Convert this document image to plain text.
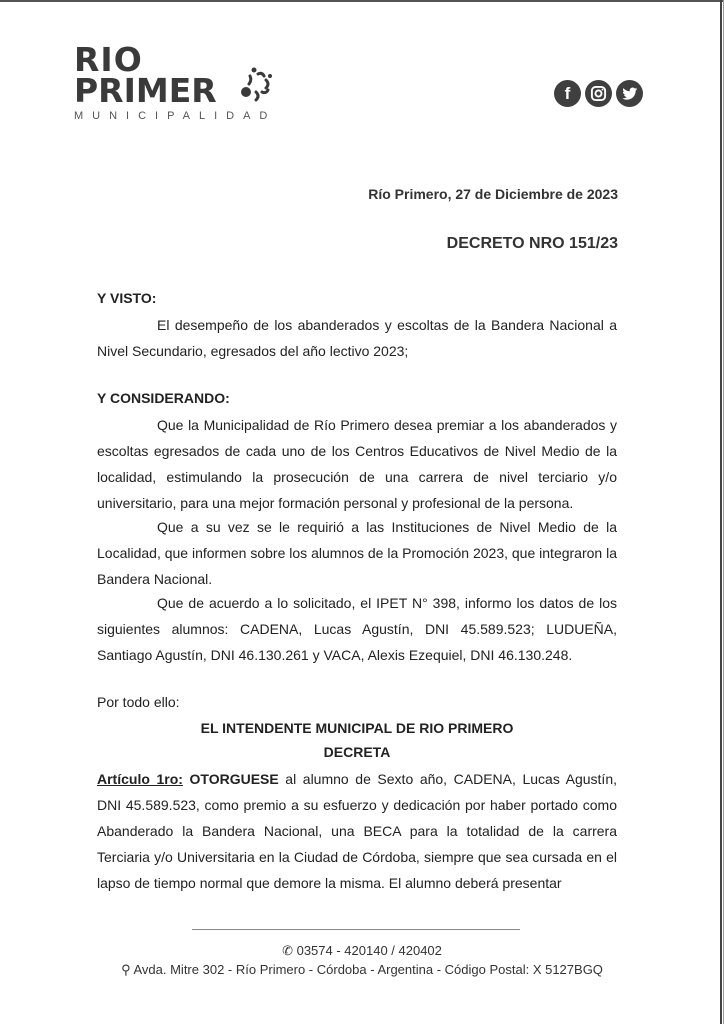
RIO
PRIMER
MUNICIPALIDAD
f
Río Primero, 27 de Diciembre de 2023
DECRETO NRO 151/23
Y VISTO:
El desempeño de los abanderados y escoltas de la Bandera Nacional a Nivel Secundario, egresados del año lectivo 2023;
Y CONSIDERANDO:
Que la Municipalidad de Río Primero desea premiar a los abanderados y escoltas egresados de cada uno de los Centros Educativos de Nivel Medio de la localidad, estimulando la prosecución de una carrera de nivel terciario y/o universitario, para una mejor formación personal y profesional de la persona.
Que a su vez se le requirió a las Instituciones de Nivel Medio de la Localidad, que informen sobre los alumnos de la Promoción 2023, que integraron la Bandera Nacional.
Que de acuerdo a lo solicitado, el IPET N° 398, informo los datos de los siguientes alumnos: CADENA, Lucas Agustín, DNI 45.589.523; LUDUEÑA, Santiago Agustín, DNI 46.130.261 y VACA, Alexis Ezequiel, DNI 46.130.248.
Por todo ello:
EL INTENDENTE MUNICIPAL DE RIO PRIMERO
DECRETA
Artículo 1ro: OTORGUESE al alumno de Sexto año, CADENA, Lucas Agustín, DNI 45.589.523, como premio a su esfuerzo y dedicación por haber portado como Abanderado la Bandera Nacional, una BECA para la totalidad de la carrera Terciaria y/o Universitaria en la Ciudad de Córdoba, siempre que sea cursada en el lapso de tiempo normal que demore la misma. El alumno deberá presentar
✆ 03574 - 420140 / 420402
⚲ Avda. Mitre 302 - Río Primero - Córdoba - Argentina - Código Postal: X 5127BGQ
